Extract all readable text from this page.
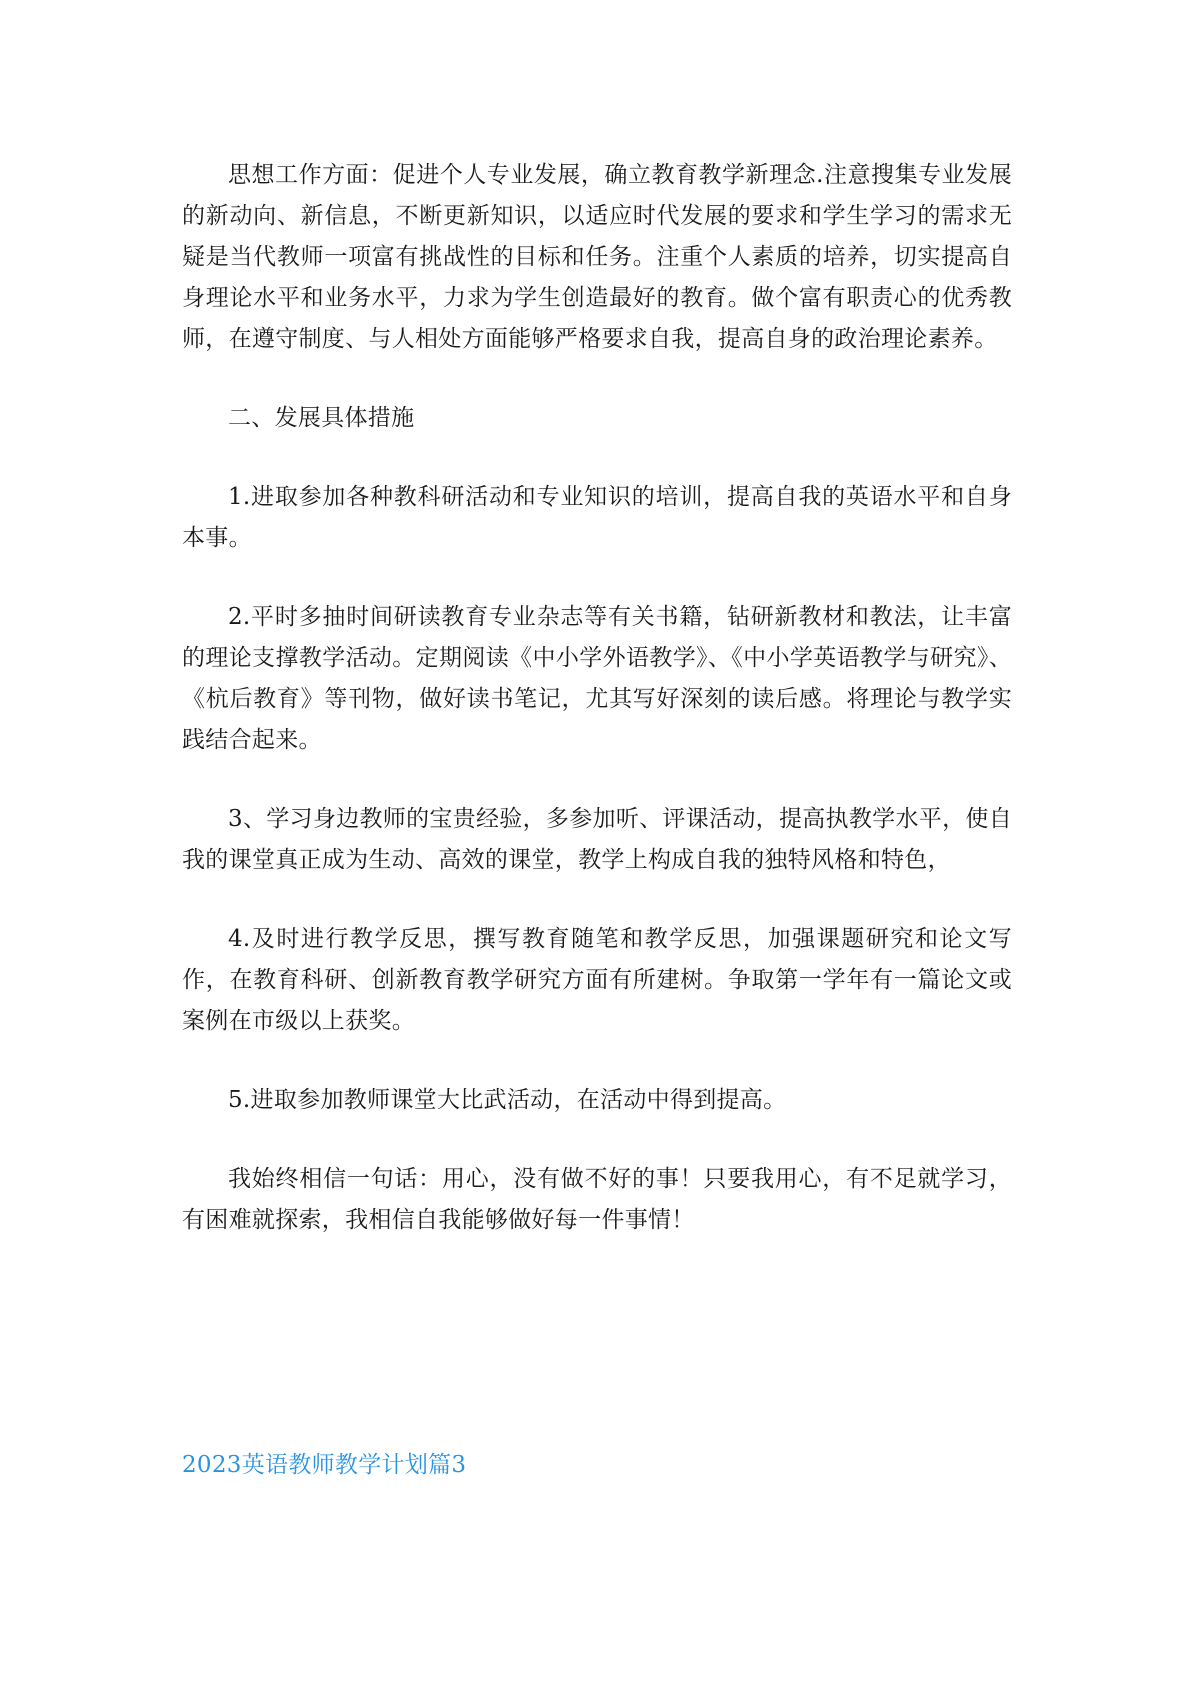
思想工作方面：促进个人专业发展，确立教育教学新理念.注意搜集专业发展的新动向、新信息，不断更新知识，以适应时代发展的要求和学生学习的需求无疑是当代教师一项富有挑战性的目标和任务。注重个人素质的培养，切实提高自身理论水平和业务水平，力求为学生创造最好的教育。做个富有职责心的优秀教师，在遵守制度、与人相处方面能够严格要求自我，提高自身的政治理论素养。

二、发展具体措施

1.进取参加各种教科研活动和专业知识的培训，提高自我的英语水平和自身本事。

2.平时多抽时间研读教育专业杂志等有关书籍，钻研新教材和教法，让丰富的理论支撑教学活动。定期阅读《中小学外语教学》、《中小学英语教学与研究》、《杭后教育》等刊物，做好读书笔记，尤其写好深刻的读后感。将理论与教学实践结合起来。

3、学习身边教师的宝贵经验，多参加听、评课活动，提高执教学水平，使自我的课堂真正成为生动、高效的课堂，教学上构成自我的独特风格和特色，

4.及时进行教学反思，撰写教育随笔和教学反思，加强课题研究和论文写作，在教育科研、创新教育教学研究方面有所建树。争取第一学年有一篇论文或案例在市级以上获奖。

5.进取参加教师课堂大比武活动，在活动中得到提高。

我始终相信一句话：用心，没有做不好的事！只要我用心，有不足就学习，有困难就探索，我相信自我能够做好每一件事情！

2023英语教师教学计划篇3
